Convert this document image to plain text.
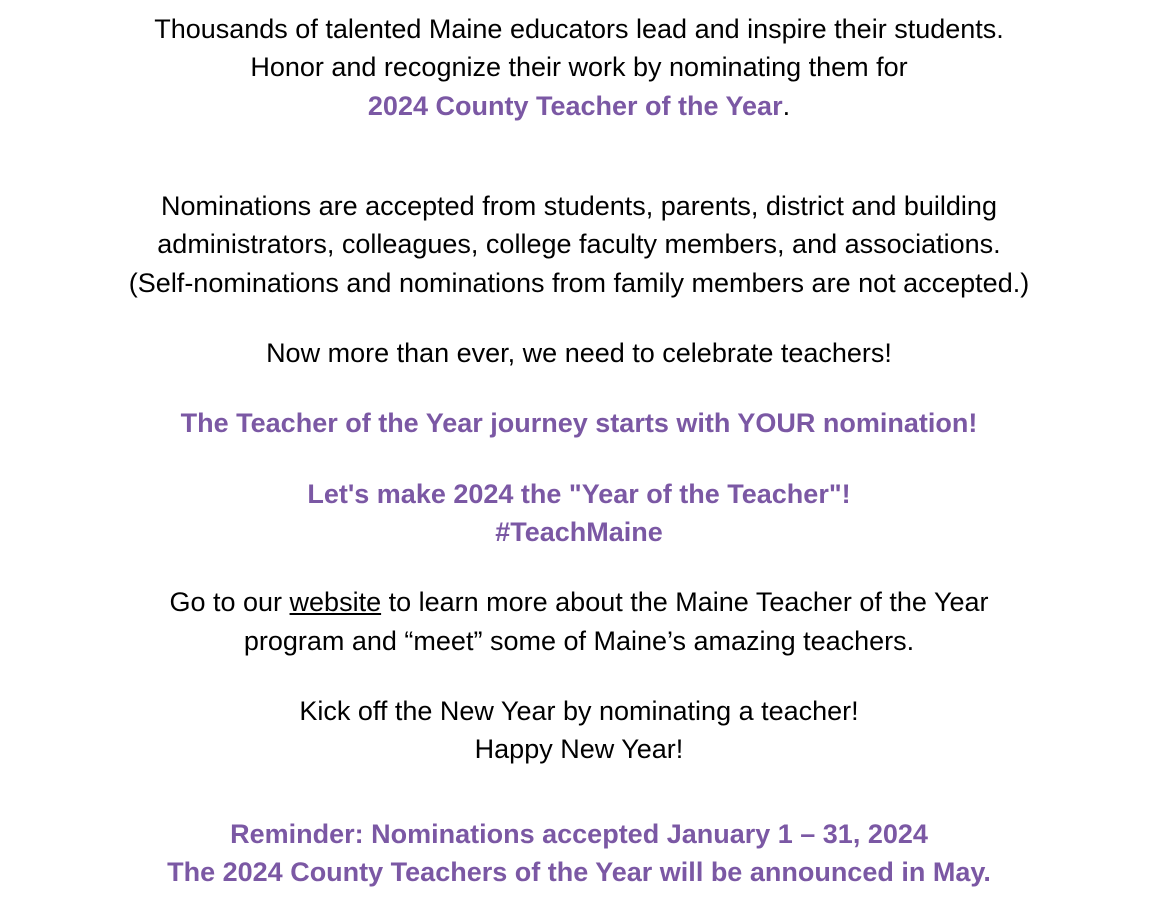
Thousands of talented Maine educators lead and inspire their students.

Honor and recognize their work by nominating them for

2024 County Teacher of the Year.

Nominations are accepted from students, parents, district and building

administrators, colleagues, college faculty members, and associations.

(Self-nominations and nominations from family members are not accepted.)

Now more than ever, we need to celebrate teachers!

The Teacher of the Year journey starts with YOUR nomination!

Let's make 2024 the "Year of the Teacher"!

#TeachMaine

Go to our website to learn more about the Maine Teacher of the Year

program and “meet” some of Maine’s amazing teachers.

Kick off the New Year by nominating a teacher!

Happy New Year!

Reminder: Nominations accepted January 1 – 31, 2024

The 2024 County Teachers of the Year will be announced in May.
